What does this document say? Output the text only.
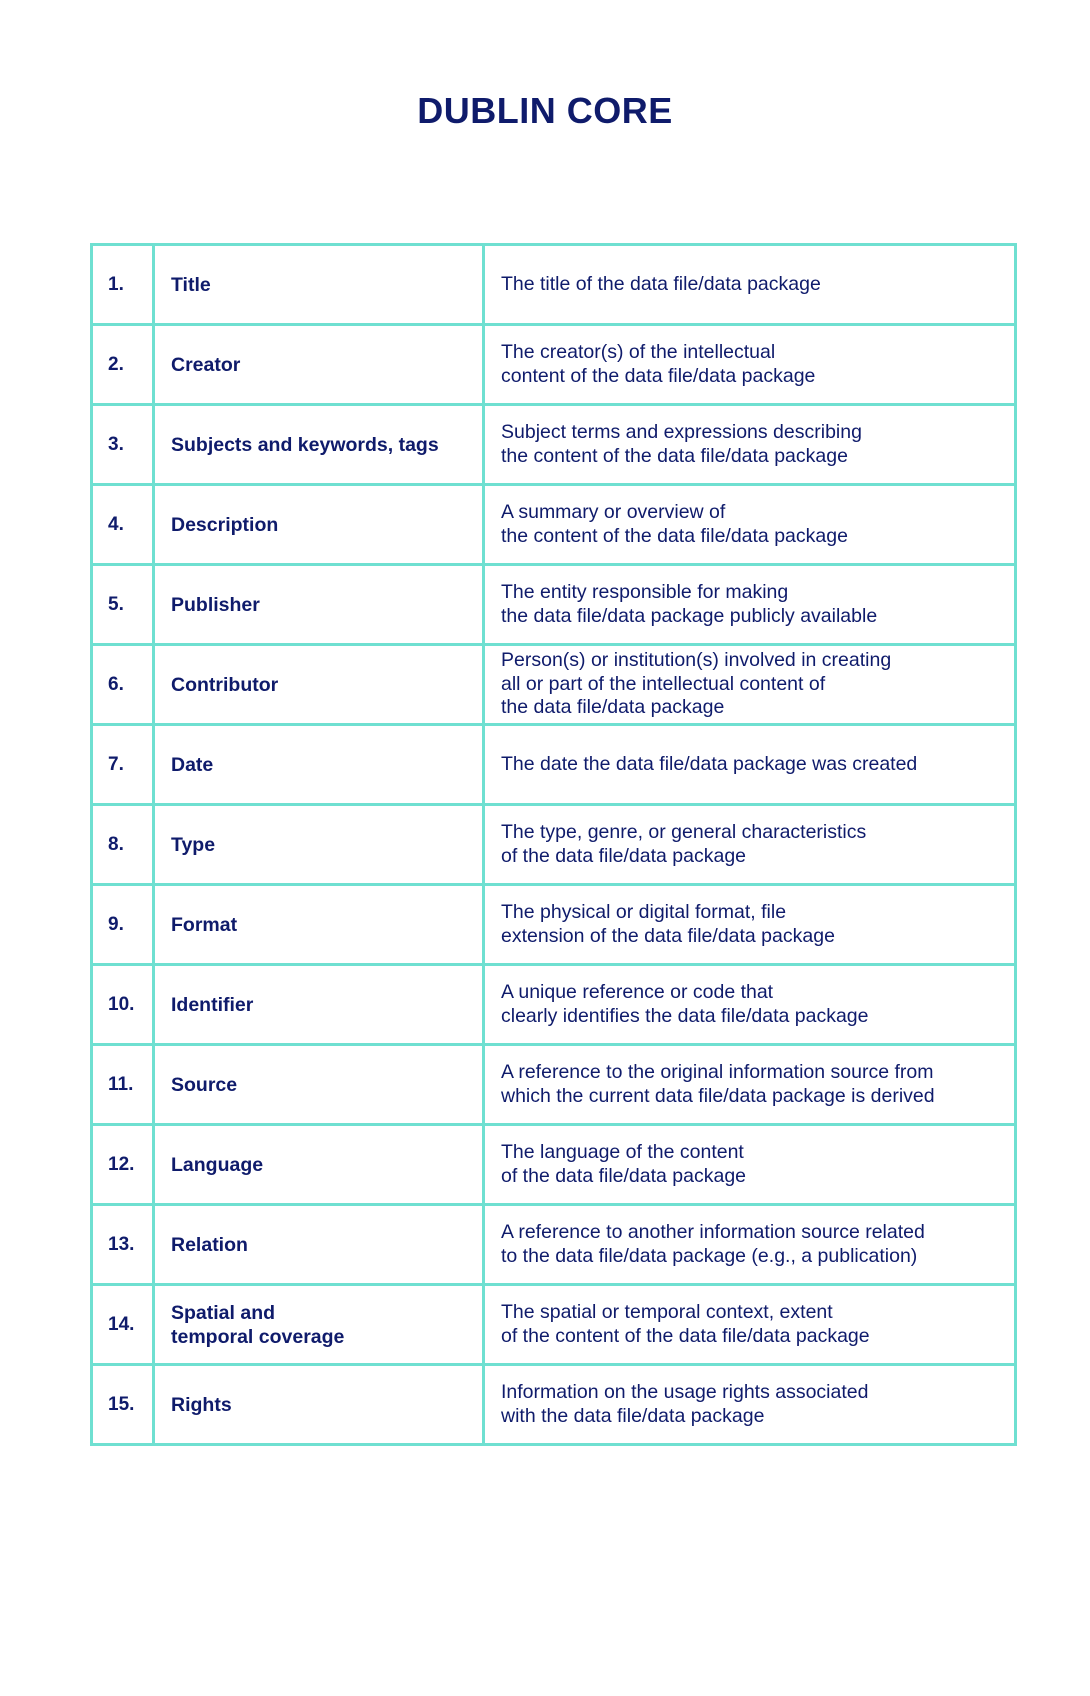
DUBLIN CORE
1.	Title	The title of the data file/data package
2.	Creator	The creator(s) of the intellectual
content of the data file/data package
3.	Subjects and keywords, tags	Subject terms and expressions describing
the content of the data file/data package
4.	Description	A summary or overview of
the content of the data file/data package
5.	Publisher	The entity responsible for making
the data file/data package publicly available
6.	Contributor	Person(s) or institution(s) involved in creating
all or part of the intellectual content of
the data file/data package
7.	Date	The date the data file/data package was created
8.	Type	The type, genre, or general characteristics
of the data file/data package
9.	Format	The physical or digital format, file
extension of the data file/data package
10.	Identifier	A unique reference or code that
clearly identifies the data file/data package
11.	Source	A reference to the original information source from
which the current data file/data package is derived
12.	Language	The language of the content
of the data file/data package
13.	Relation	A reference to another information source related
to the data file/data package (e.g., a publication)
14.	Spatial and
temporal coverage	The spatial or temporal context, extent
of the content of the data file/data package
15.	Rights	Information on the usage rights associated
with the data file/data package
